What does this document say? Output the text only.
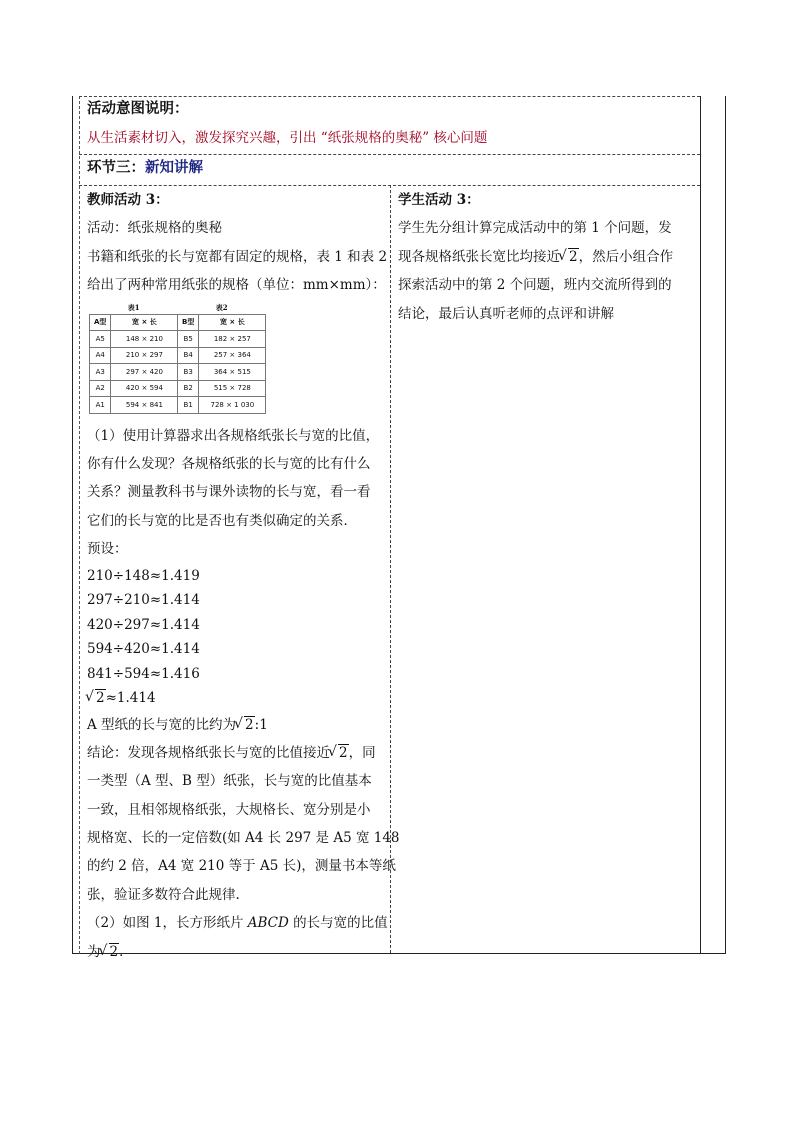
活动意图说明：
从生活素材切入，激发探究兴趣，引出 “纸张规格的奥秘” 核心问题
环节三：新知讲解
教师活动 3：
活动：纸张规格的奥秘
书籍和纸张的长与宽都有固定的规格，表 1 和表 2
给出了两种常用纸张的规格（单位：mm×mm）：
表1
A型	宽 × 长
A5	148 × 210
A4	210 × 297
A3	297 × 420
A2	420 × 594
A1	594 × 841
表2
B型	宽 × 长
B5	182 × 257
B4	257 × 364
B3	364 × 515
B2	515 × 728
B1	728 × 1 030
（1）使用计算器求出各规格纸张长与宽的比值，
你有什么发现？各规格纸张的长与宽的比有什么
关系？测量教科书与课外读物的长与宽，看一看
它们的长与宽的比是否也有类似确定的关系．
预设：
210÷148≈1.419
297÷210≈1.414
420÷297≈1.414
594÷420≈1.414
841÷594≈1.416
√ 2≈1.414
A 型纸的长与宽的比约为 √ 2:1
结论：发现各规格纸张长与宽的比值接近 √ 2，同
一类型（A 型、B 型）纸张，长与宽的比值基本
一致，且相邻规格纸张，大规格长、宽分别是小
规格宽、长的一定倍数(如 A4 长 297 是 A5 宽 148
的约 2 倍，A4 宽 210 等于 A5 长)，测量书本等纸
张，验证多数符合此规律.
（2）如图 1，长方形纸片 ABCD 的长与宽的比值
为 √ 2．
学生活动 3：
学生先分组计算完成活动中的第 1 个问题，发
现各规格纸张长宽比均接近 √ 2，然后小组合作
探索活动中的第 2 个问题，班内交流所得到的
结论，最后认真听老师的点评和讲解
